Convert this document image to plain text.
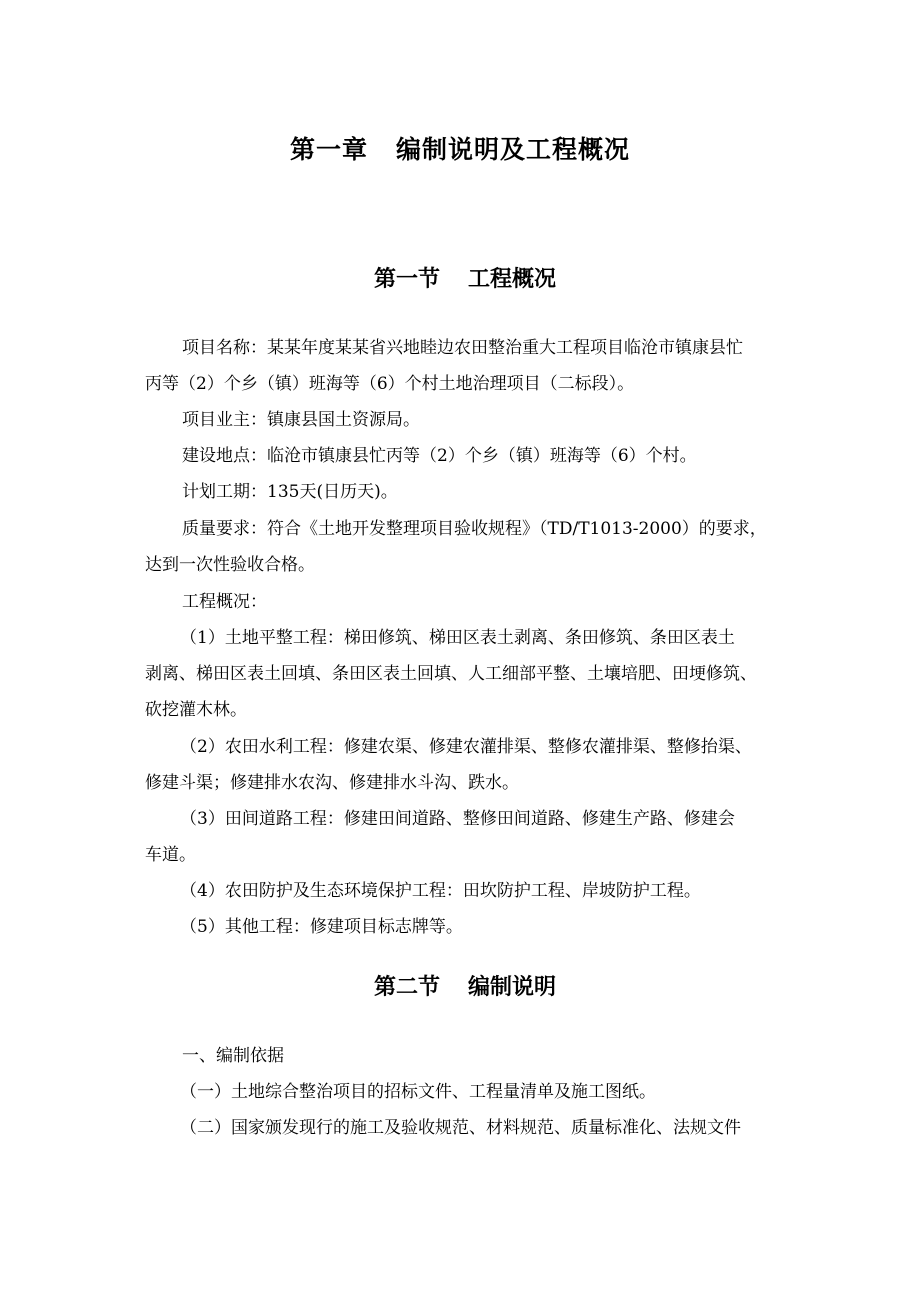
第一章 编制说明及工程概况
第一节 工程概况
项目名称：某某年度某某省兴地睦边农田整治重大工程项目临沧市镇康县忙
丙等（2）个乡（镇）班海等（6）个村土地治理项目（二标段）。
项目业主：镇康县国土资源局。
建设地点：临沧市镇康县忙丙等（2）个乡（镇）班海等（6）个村。
计划工期：135天(日历天)。
质量要求：符合《土地开发整理项目验收规程》（TD/T1013-2000）的要求，
达到一次性验收合格。
工程概况：
（1）土地平整工程：梯田修筑、梯田区表土剥离、条田修筑、条田区表土
剥离、梯田区表土回填、条田区表土回填、人工细部平整、土壤培肥、田埂修筑、
砍挖灌木林。
（2）农田水利工程：修建农渠、修建农灌排渠、整修农灌排渠、整修抬渠、
修建斗渠；修建排水农沟、修建排水斗沟、跌水。
（3）田间道路工程：修建田间道路、整修田间道路、修建生产路、修建会
车道。
（4）农田防护及生态环境保护工程：田坎防护工程、岸坡防护工程。
（5）其他工程：修建项目标志牌等。
第二节 编制说明
一、编制依据
（一）土地综合整治项目的招标文件、工程量清单及施工图纸。
（二）国家颁发现行的施工及验收规范、材料规范、质量标准化、法规文件
